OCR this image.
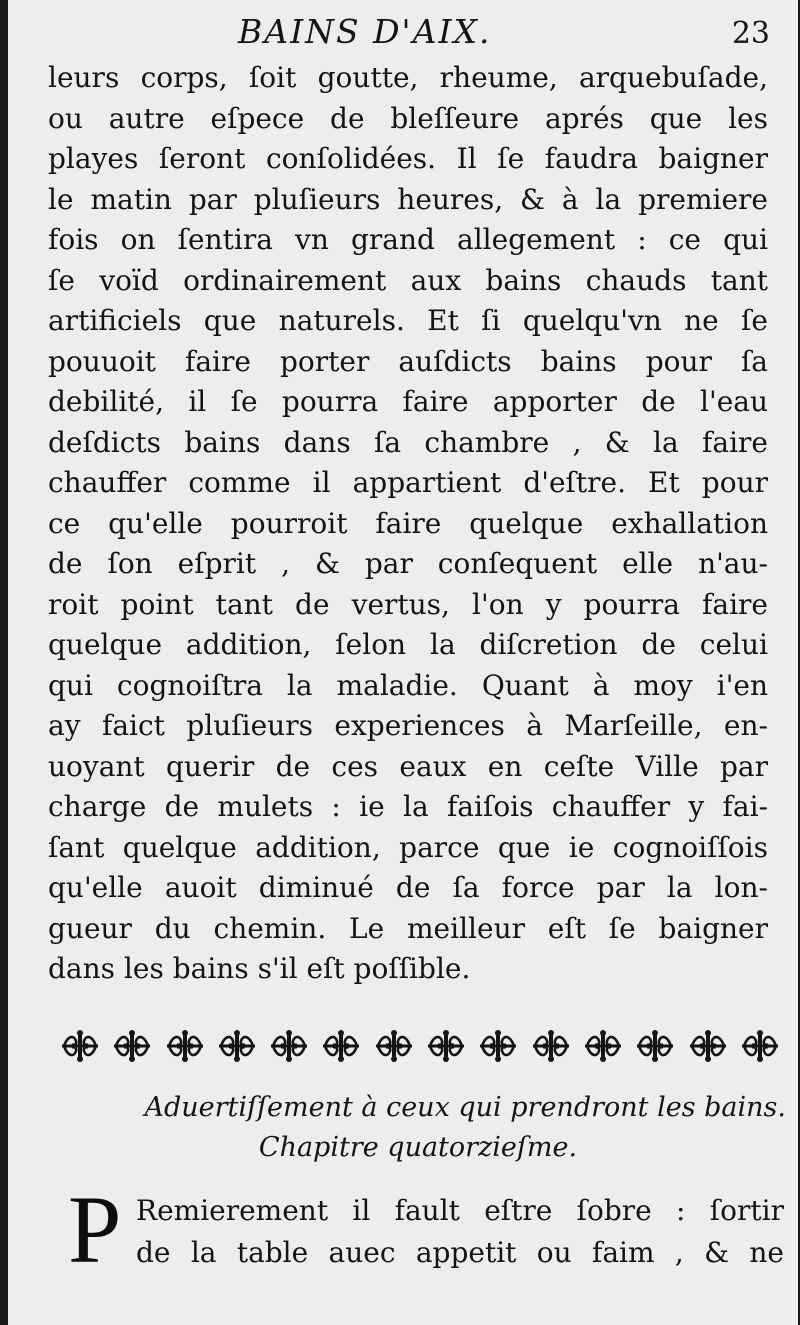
BAINS D'AIX.	23
leurs corps, ſoit goutte, rheume, arquebuſade,
ou autre eſpece de bleſſeure aprés que les
playes ſeront conſolidées. Il ſe faudra baigner
le matin par pluſieurs heures, & à la premiere
fois on ſentira vn grand allegement : ce qui
ſe voïd ordinairement aux bains chauds tant
artificiels que naturels. Et ſi quelqu'vn ne ſe
pouuoit faire porter auſdicts bains pour ſa
debilité, il ſe pourra faire apporter de l'eau
deſdicts bains dans ſa chambre , & la faire
chauffer comme il appartient d'eſtre. Et pour
ce qu'elle pourroit faire quelque exhallation
de ſon eſprit , & par conſequent elle n'au-
roit point tant de vertus, l'on y pourra faire
quelque addition, ſelon la diſcretion de celui
qui cognoiſtra la maladie. Quant à moy i'en
ay faict pluſieurs experiences à Marſeille, en-
uoyant querir de ces eaux en ceſte Ville par
charge de mulets : ie la faiſois chauffer y fai-
ſant quelque addition, parce que ie cognoiſſois
qu'elle auoit diminué de ſa force par la lon-
gueur du chemin. Le meilleur eſt ſe baigner
dans les bains s'il eſt poſſible.
Aduertiſſement à ceux qui prendront les bains.
Chapitre quatorzieſme.
P Remierement il fault eſtre ſobre : ſortir
de la table auec appetit ou faim , & ne
